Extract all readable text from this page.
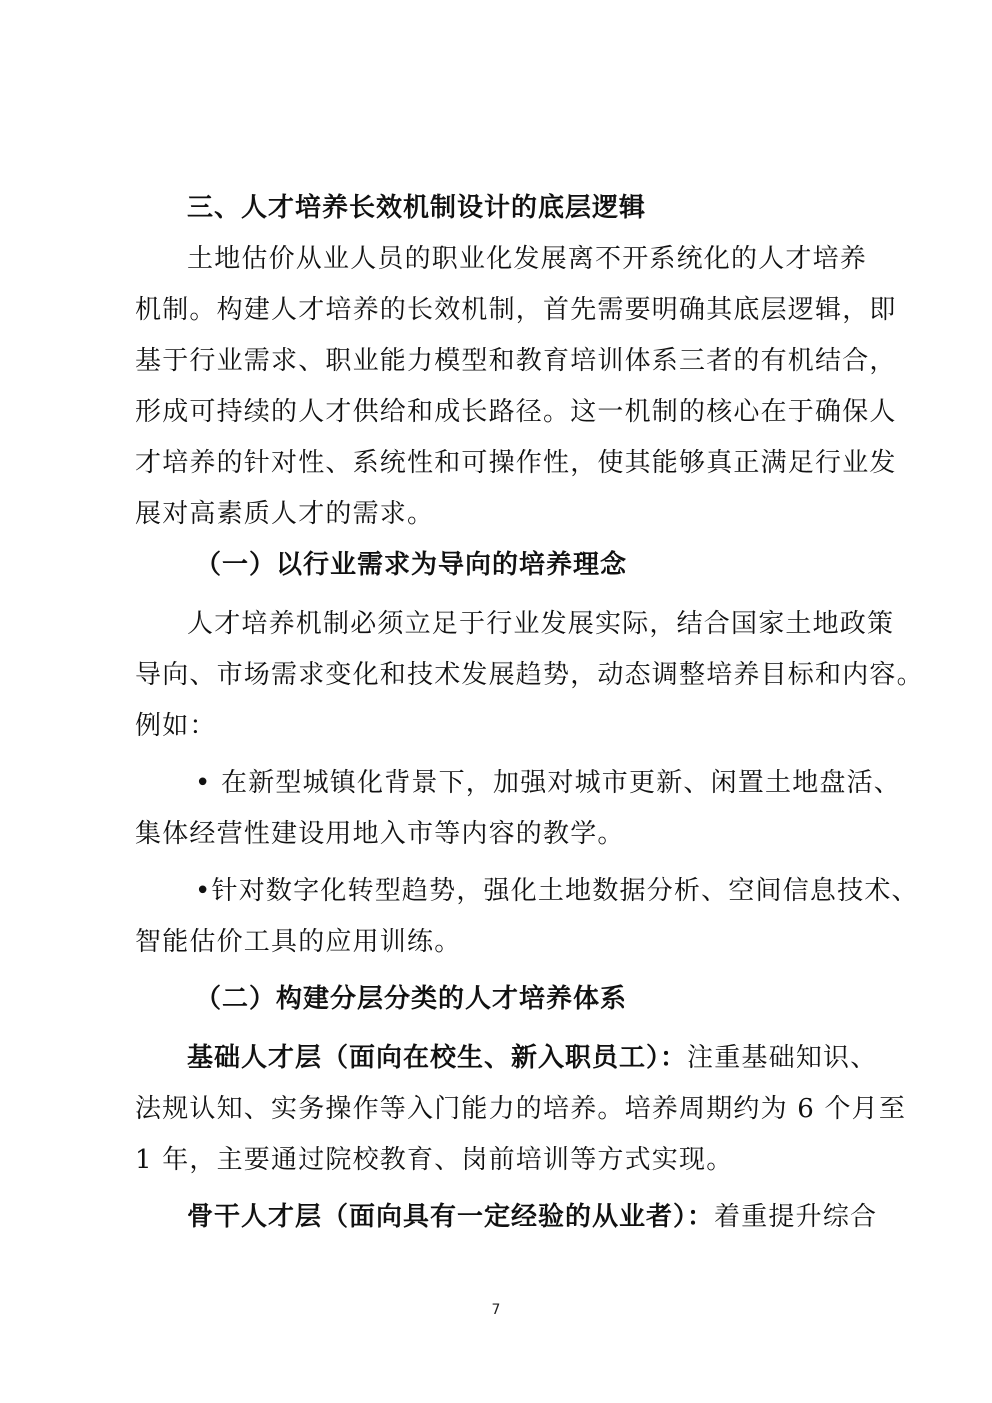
三、人才培养长效机制设计的底层逻辑
土地估价从业人员的职业化发展离不开系统化的人才培养
机制。构建人才培养的长效机制，首先需要明确其底层逻辑，即
基于行业需求、职业能力模型和教育培训体系三者的有机结合，
形成可持续的人才供给和成长路径。这一机制的核心在于确保人
才培养的针对性、系统性和可操作性，使其能够真正满足行业发
展对高素质人才的需求。
（一）以行业需求为导向的培养理念
人才培养机制必须立足于行业发展实际，结合国家土地政策
导向、市场需求变化和技术发展趋势，动态调整培养目标和内容。
例如：
• 在新型城镇化背景下，加强对城市更新、闲置土地盘活、
集体经营性建设用地入市等内容的教学。
•针对数字化转型趋势，强化土地数据分析、空间信息技术、
智能估价工具的应用训练。
（二）构建分层分类的人才培养体系
基础人才层（面向在校生、新入职员工）：注重基础知识、
法规认知、实务操作等入门能力的培养。培养周期约为 6 个月至
1 年，主要通过院校教育、岗前培训等方式实现。
骨干人才层（面向具有一定经验的从业者）：着重提升综合
7
